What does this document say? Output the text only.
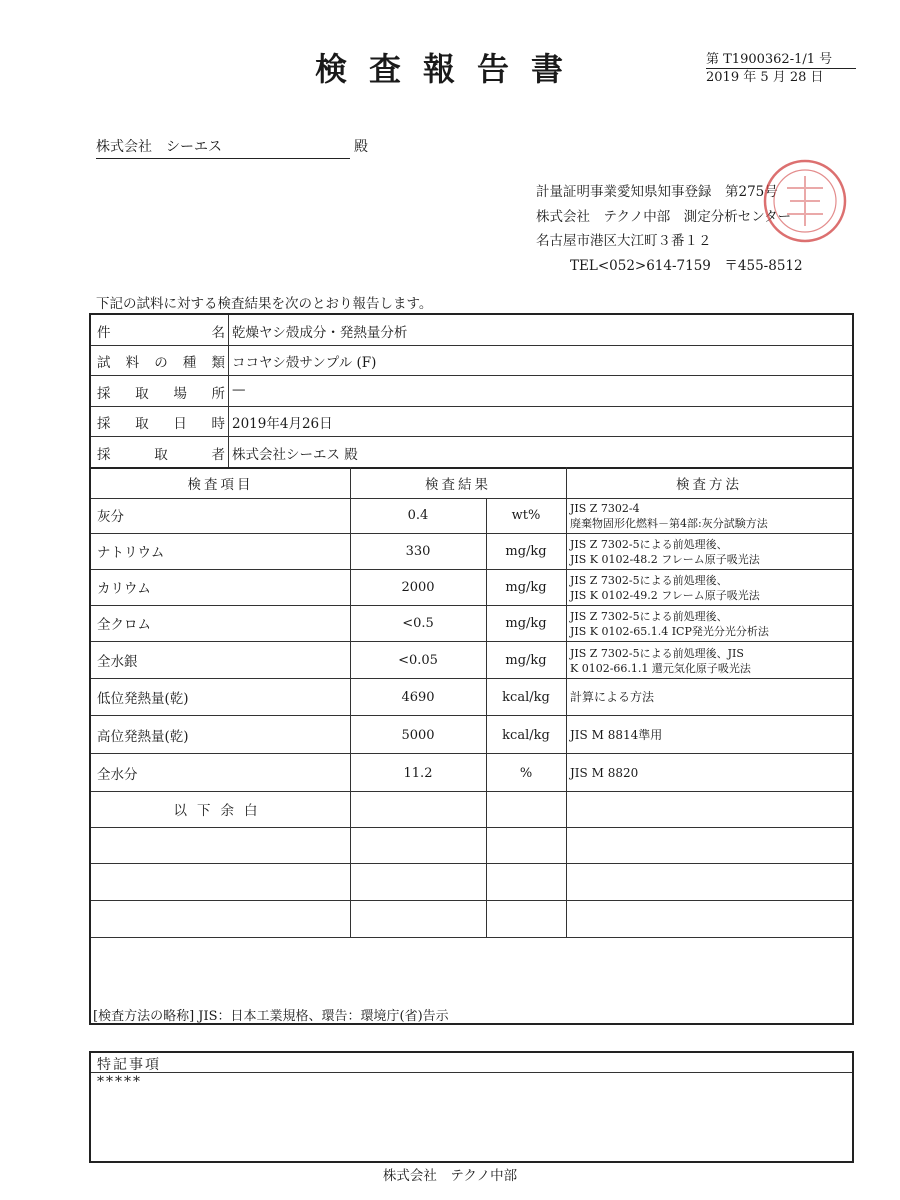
検査報告書	第 T1900362-1/1 号
2019 年 5 月 28 日
株式会社　シーエス	殿
計量証明事業愛知県知事登録　第275号
株式会社　テクノ中部　測定分析センター
名古屋市港区大江町３番１２
TEL<052>614-7159　〒455-8512
下記の試料に対する検査結果を次のとおり報告します。
件	名 乾燥ヤシ殻成分・発熱量分析
試 料 の 種 類 ココヤシ殻サンプル (F)
採 取 場 所 —
採 取 日 時 2019年4月26日
採	取	者 株式会社シーエス 殿
検査項目	検査結果	検査方法
灰分	0.4	wt%	JIS Z 7302-4
廃棄物固形化燃料－第4部:灰分試験方法
ナトリウム	330	mg/kg	JIS Z 7302-5による前処理後、
JIS K 0102-48.2 フレーム原子吸光法
カリウム	2000	mg/kg	JIS Z 7302-5による前処理後、
JIS K 0102-49.2 フレーム原子吸光法
全クロム	<0.5	mg/kg	JIS Z 7302-5による前処理後、
JIS K 0102-65.1.4 ICP発光分光分析法
全水銀	<0.05	mg/kg	JIS Z 7302-5による前処理後、JIS
K 0102-66.1.1 還元気化原子吸光法
低位発熱量(乾)	4690	kcal/kg	計算による方法
高位発熱量(乾)	5000	kcal/kg	JIS M 8814準用
全水分	11.2	%	JIS M 8820
以下余白
[検査方法の略称] JIS：日本工業規格、環告：環境庁(省)告示
特記事項
*****
株式会社　テクノ中部
